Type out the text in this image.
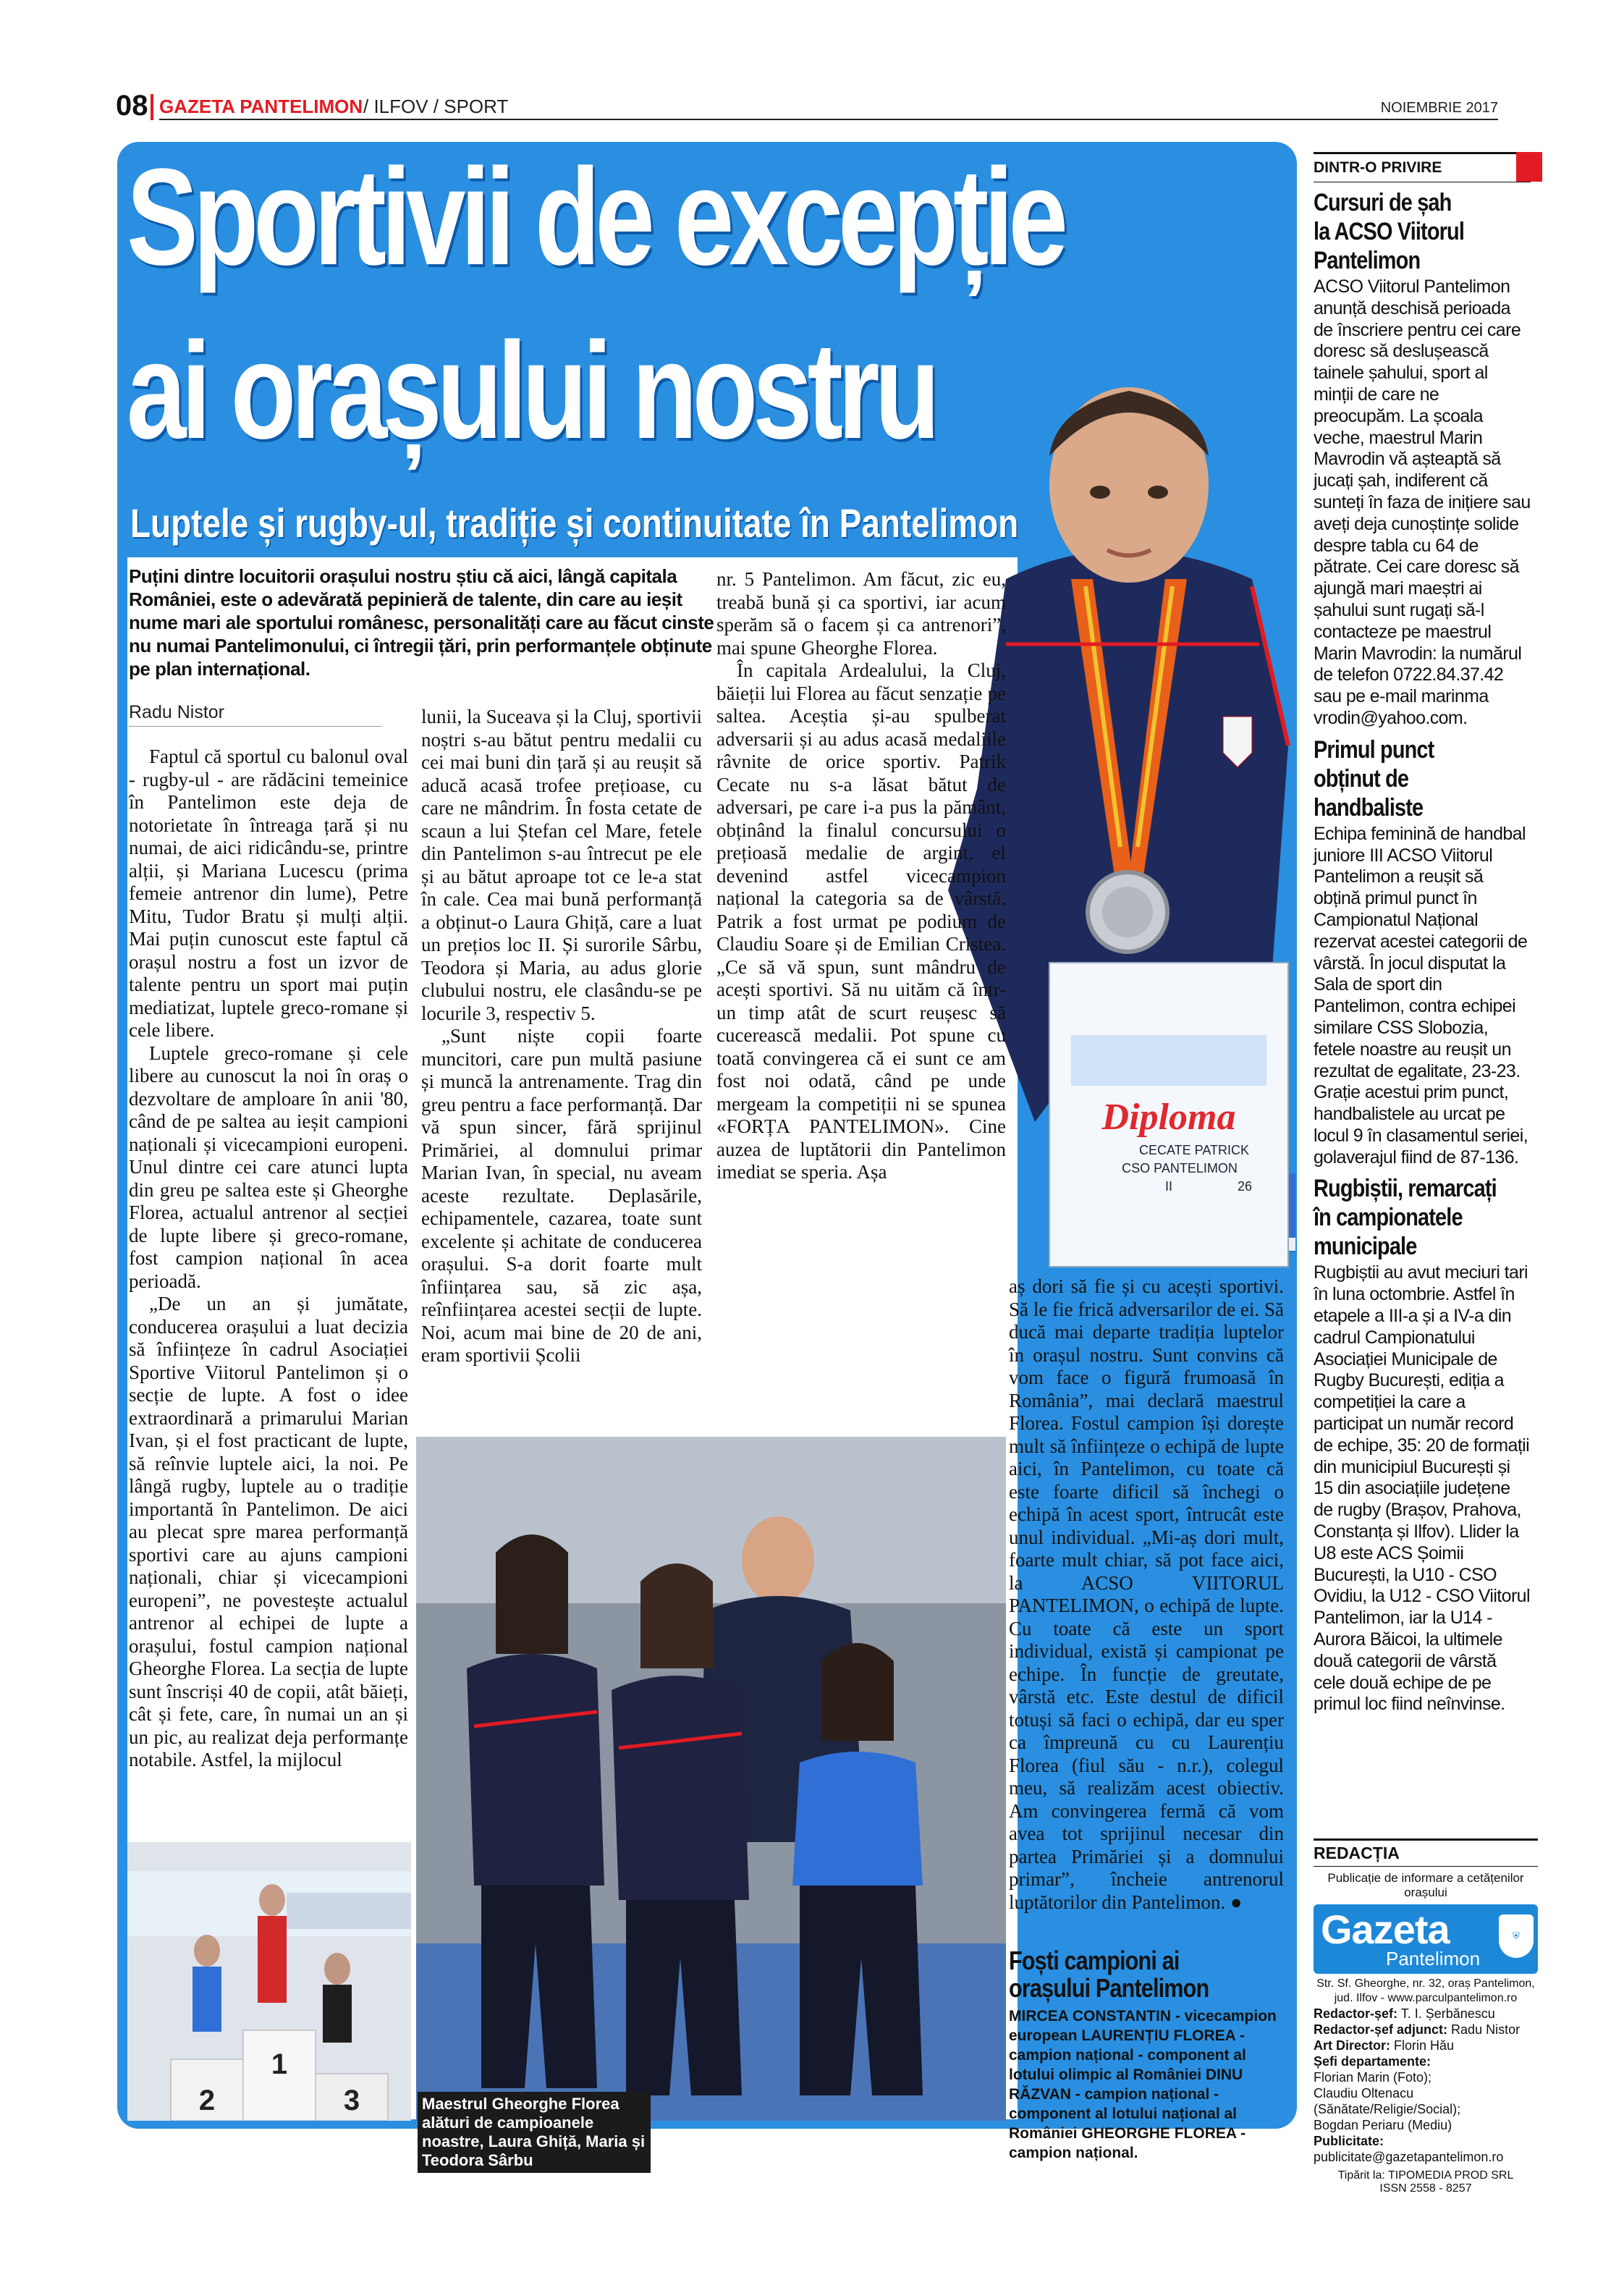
08 GAZETA PANTELIMON / ILFOV / SPORT	NOIEMBRIE 2017
Diploma
CECATE PATRICK
CSO PANTELIMON
II	26
Sportivii de excepție
ai orașului nostru
Luptele și rugby-ul, tradiție și continuitate în Pantelimon
Puțini dintre locuitorii orașului nostru știu că aici, lângă capitala României, este o adevărată pepinieră de talente, din care au ieșit nume mari ale sportului românesc, personalități care au făcut cinste nu numai Pantelimonului, ci întregii țări, prin performanțele obținute pe plan internațional.
Radu Nistor

Faptul că sportul cu balonul oval - rugby-ul - are rădăcini temeinice în Pantelimon este deja de notorietate în întreaga țară și nu numai, de aici ridicându-se, printre alții, și Mariana Lucescu (prima femeie antrenor din lume), Petre Mitu, Tudor Bratu și mulți alții. Mai puțin cunoscut este faptul că orașul nostru a fost un izvor de talente pentru un sport mai puțin mediatizat, luptele greco-romane și cele libere.

Luptele greco-romane și cele libere au cunoscut la noi în oraș o dezvoltare de amploare în anii '80, când de pe saltea au ieșit campioni naționali și vicecampioni europeni. Unul dintre cei care atunci lupta din greu pe saltea este și Gheorghe Florea, actualul antrenor al secției de lupte libere și greco-romane, fost campion național în acea perioadă.

„De un an și jumătate, conducerea orașului a luat decizia să înființeze în cadrul Asociației Sportive Viitorul Pantelimon și o secție de lupte. A fost o idee extraordinară a primarului Marian Ivan, și el fost practicant de lupte, să reînvie luptele aici, la noi. Pe lângă rugby, luptele au o tradiție importantă în Pantelimon. De aici au plecat spre marea performanță sportivi care au ajuns campioni naționali, chiar și vicecampioni europeni”, ne povestește actualul antrenor al echipei de lupte a orașului, fostul campion național Gheorghe Florea. La secția de lupte sunt înscriși 40 de copii, atât băieți, cât și fete, care, în numai un an și un pic, au realizat deja performanțe notabile. Astfel, la mijlocul

lunii, la Suceava și la Cluj, sportivii noștri s-au bătut pentru medalii cu cei mai buni din țară și au reușit să aducă acasă trofee prețioase, cu care ne mândrim. În fosta cetate de scaun a lui Ștefan cel Mare, fetele din Pantelimon s-au întrecut pe ele și au bătut aproape tot ce le-a stat în cale. Cea mai bună performanță a obținut-o Laura Ghiță, care a luat un prețios loc II. Și surorile Sârbu, Teodora și Maria, au adus glorie clubului nostru, ele clasându-se pe locurile 3, respectiv 5.

„Sunt niște copii foarte muncitori, care pun multă pasiune și muncă la antrenamente. Trag din greu pentru a face performanță. Dar vă spun sincer, fără sprijinul Primăriei, al domnului primar Marian Ivan, în special, nu aveam aceste rezultate. Deplasările, echipamentele, cazarea, toate sunt excelente și achitate de conducerea orașului. S-a dorit foarte mult înființarea sau, să zic așa, reînființarea acestei secții de lupte. Noi, acum mai bine de 20 de ani, eram sportivii Școlii

nr. 5 Pantelimon. Am făcut, zic eu, treabă bună și ca sportivi, iar acum sperăm să o facem și ca antrenori”, mai spune Gheorghe Florea.

În capitala Ardealului, la Cluj, băieții lui Florea au făcut senzație pe saltea. Aceștia și-au spulberat adversarii și au adus acasă medaliile râvnite de orice sportiv. Patrik Cecate nu s-a lăsat bătut de adversari, pe care i-a pus la pământ, obținând la finalul concursului o prețioasă medalie de argint, el devenind astfel vicecampion național la categoria sa de vârstă. Patrik a fost urmat pe podium de Claudiu Soare și de Emilian Cristea. „Ce să vă spun, sunt mândru de acești sportivi. Să nu uităm că într-un timp atât de scurt reușesc să cucerească medalii. Pot spune cu toată convingerea că ei sunt ce am fost noi odată, când pe unde mergeam la competiții ni se spunea «FORȚA PANTELIMON». Cine auzea de luptătorii din Pantelimon imediat se speria. Așa

aș dori să fie și cu acești sportivi. Să le fie frică adversarilor de ei. Să ducă mai departe tradiția luptelor în orașul nostru. Sunt convins că vom face o figură frumoasă în România”, mai declară maestrul Florea. Fostul campion își dorește mult să înființeze o echipă de lupte aici, în Pantelimon, cu toate că este foarte dificil să închegi o echipă în acest sport, întrucât este unul individual. „Mi-aș dori mult, foarte mult chiar, să pot face aici, la ACSO VIITORUL PANTELIMON, o echipă de lupte. Cu toate că este un sport individual, există și campionat pe echipe. În funcție de greutate, vârstă etc. Este destul de dificil totuși să faci o echipă, dar eu sper ca împreună cu cu Laurențiu Florea (fiul său - n.r.), colegul meu, să realizăm acest obiectiv. Am convingerea fermă că vom avea tot sprijinul necesar din partea Primăriei și a domnului primar”, încheie antrenorul luptătorilor din Pantelimon. ●

Maestrul Gheorghe Florea alături de campioanele noastre, Laura Ghiță, Maria și Teodora Sârbu
2
1
3
Foști campioni ai
orașului Pantelimon
MIRCEA CONSTANTIN - vicecampion european LAURENȚIU FLOREA - campion național - component al lotului olimpic al României DINU RĂZVAN - campion național - component al lotului național al României GHEORGHE FLOREA - campion național.
DINTR-O PRIVIRE
Cursuri de șah
la ACSO Viitorul
Pantelimon
ACSO Viitorul Pantelimon anunță deschisă perioada de înscriere pentru cei care doresc să deslușească tainele șahului, sport al minții de care ne preocupăm. La școala veche, maestrul Marin Mavrodin vă așteaptă să jucați șah, indiferent că sunteți în faza de inițiere sau aveți deja cunoștințe solide despre tabla cu 64 de pătrate. Cei care doresc să ajungă mari maeștri ai șahului sunt rugați să-l contacteze pe maestrul Marin Mavrodin: la numărul de telefon 0722.84.37.42 sau pe e-mail marinma vrodin@yahoo.com.
Primul punct
obținut de
handbaliste
Echipa feminină de handbal juniore III ACSO Viitorul Pantelimon a reușit să obțină primul punct în Campionatul Național rezervat acestei categorii de vârstă. În jocul disputat la Sala de sport din Pantelimon, contra echipei similare CSS Slobozia, fetele noastre au reușit un rezultat de egalitate, 23-23. Grație acestui prim punct, handbalistele au urcat pe locul 9 în clasamentul seriei, golaverajul fiind de 87-136.
Rugbiștii, remarcați
în campionatele
municipale
Rugbiștii au avut meciuri tari în luna octombrie. Astfel în etapele a III-a și a IV-a din cadrul Campionatului Asociației Municipale de Rugby București, ediția a competiției la care a participat un număr record de echipe, 35: 20 de formații din municipiul București și 15 din asociațiile județene de rugby (Brașov, Prahova, Constanța și Ilfov). Llider la U8 este ACS Șoimii București, la U10 - CSO Ovidiu, la U12 - CSO Viitorul Pantelimon, iar la U14 - Aurora Băicoi, la ultimele două categorii de vârstă cele două echipe de pe primul loc fiind neînvinse.
REDACȚIA
Publicație de informare a cetățenilor orașului
Gazeta
Pantelimon
⛨
Str. Sf. Gheorghe, nr. 32, oraș Pantelimon, jud. Ilfov - www.parculpantelimon.ro
Redactor-șef: T. I. Șerbănescu
Redactor-șef adjunct: Radu Nistor
Art Director: Florin Hău
Șefi departamente:
Florian Marin (Foto);
Claudiu Oltenacu (Sănătate/Religie/Social);
Bogdan Periaru (Mediu)
Publicitate: publicitate@gazetapantelimon.ro
Tipărit la: TIPOMEDIA PROD SRL
ISSN 2558 - 8257
